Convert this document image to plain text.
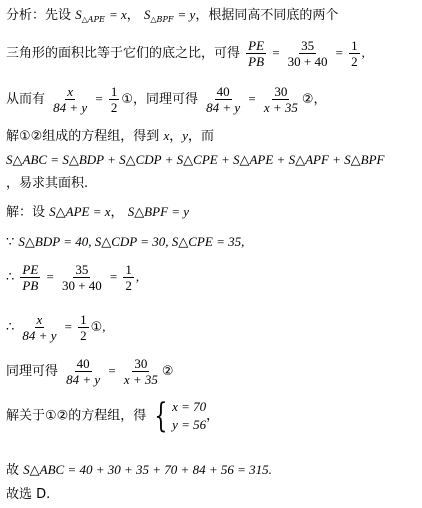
分析：先设 $S_{\triangle APE} = x$， $S_{\triangle BPF} = y$，根据同高不同底的两个
三角形的面积比等于它们的底之比，可得 $\frac{PE}{PB} = \frac{35}{30 + 40} = \frac{1}{2}$ ,
从而有 $\frac{x}{84 + y} = \frac{1}{2}$ ①，同理可得 $\frac{40}{84 + y} = \frac{30}{x + 35}$ ②，
解①②组成的方程组，得到 x，y，而
S△ABC = S△BDP + S△CDP + S△CPE + S△APE + S△APF + S△BPF
，易求其面积.
解：设 S△APE = x， S△BPF = y
∵ S△BDP = 40, S△CDP = 30, S△CPE = 35,
∴ $\frac{PE}{PB} = \frac{35}{30 + 40} = \frac{1}{2}$ ,
∴ $\frac{x}{84 + y} = \frac{1}{2}$ ①,
同理可得 $\frac{40}{84 + y} = \frac{30}{x + 35}$ ②
解关于①②的方程组，得 { x = 70
y = 56
，
故 S△ABC = 40 + 30 + 35 + 70 + 84 + 56 = 315.
故选 D.
